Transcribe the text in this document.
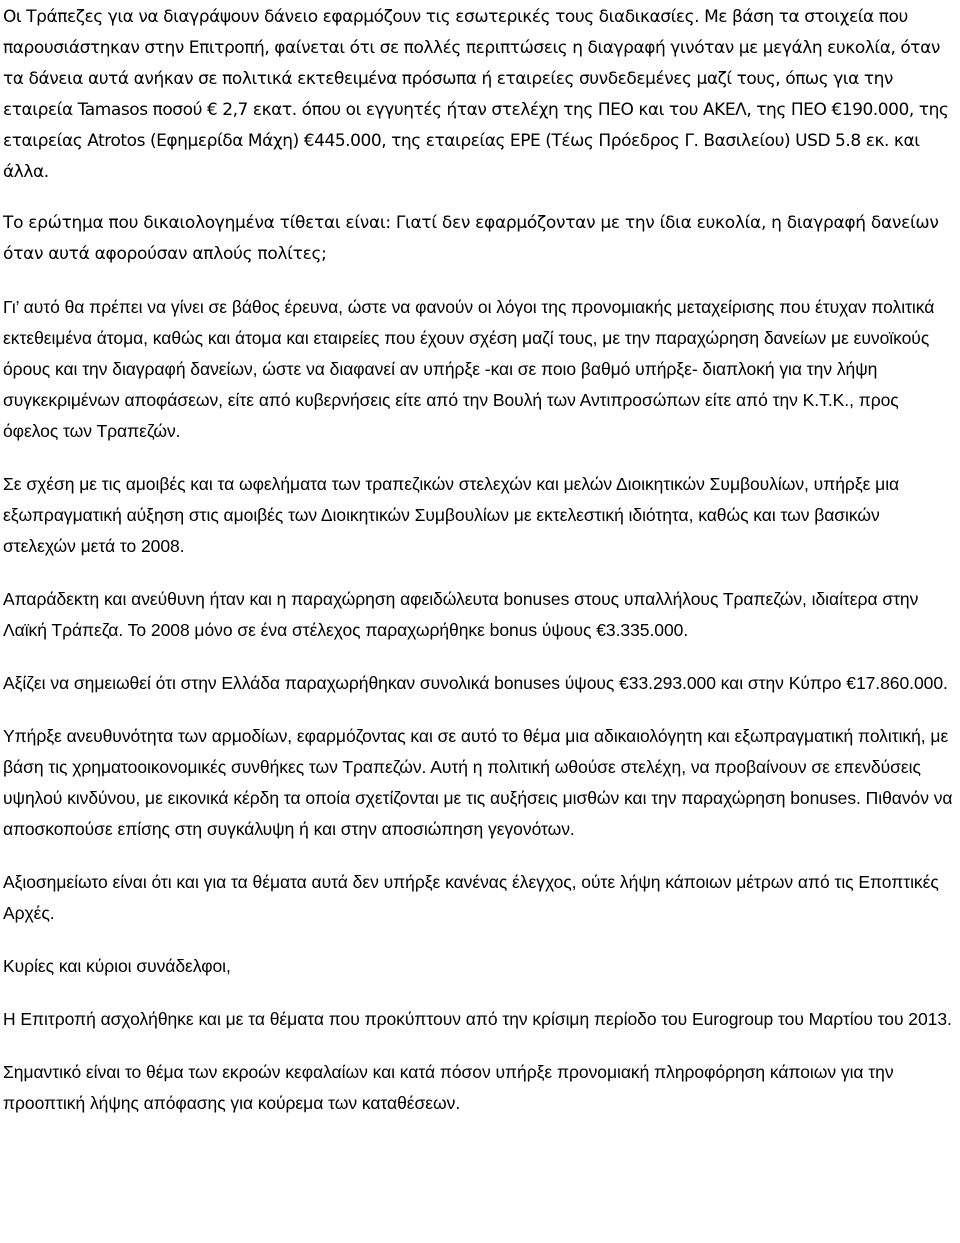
Οι Τράπεζες για να διαγράψουν δάνειο εφαρμόζουν τις εσωτερικές τους διαδικασίες. Με βάση τα στοιχεία που παρουσιάστηκαν στην Επιτροπή, φαίνεται ότι σε πολλές περιπτώσεις η διαγραφή γινόταν με μεγάλη ευκολία, όταν τα δάνεια αυτά ανήκαν σε πολιτικά εκτεθειμένα πρόσωπα ή εταιρείες συνδεδεμένες μαζί τους, όπως για την εταιρεία Tamasos ποσού € 2,7 εκατ. όπου οι εγγυητές ήταν στελέχη της ΠΕΟ και του ΑΚΕΛ, της ΠΕΟ €190.000, της εταιρείας Atrotos (Εφημερίδα Μάχη) €445.000, της εταιρείας ΕΡΕ (Τέως Πρόεδρος Γ. Βασιλείου) USD 5.8 εκ. και άλλα.

Το ερώτημα που δικαιολογημένα τίθεται είναι: Γιατί δεν εφαρμόζονταν με την ίδια ευκολία, η διαγραφή δανείων όταν αυτά αφορούσαν απλούς πολίτες;

Γι’ αυτό θα πρέπει να γίνει σε βάθος έρευνα, ώστε να φανούν οι λόγοι της προνομιακής μεταχείρισης που έτυχαν πολιτικά εκτεθειμένα άτομα, καθώς και άτομα και εταιρείες που έχουν σχέση μαζί τους, με την παραχώρηση δανείων με ευνοϊκούς όρους και την διαγραφή δανείων, ώστε να διαφανεί αν υπήρξε -και σε ποιο βαθμό υπήρξε- διαπλοκή για την λήψη συγκεκριμένων αποφάσεων, είτε από κυβερνήσεις είτε από την Βουλή των Αντιπροσώπων είτε από την Κ.Τ.Κ., προς όφελος των Τραπεζών.

Σε σχέση με τις αμοιβές και τα ωφελήματα των τραπεζικών στελεχών και μελών Διοικητικών Συμβουλίων, υπήρξε μια εξωπραγματική αύξηση στις αμοιβές των Διοικητικών Συμβουλίων με εκτελεστική ιδιότητα, καθώς και των βασικών στελεχών μετά το 2008.

Απαράδεκτη και ανεύθυνη ήταν και η παραχώρηση αφειδώλευτα bonuses στους υπαλλήλους Τραπεζών, ιδιαίτερα στην Λαϊκή Τράπεζα. Το 2008 μόνο σε ένα στέλεχος παραχωρήθηκε bonus ύψους €3.335.000.

Αξίζει να σημειωθεί ότι στην Ελλάδα παραχωρήθηκαν συνολικά bonuses ύψους €33.293.000 και στην Κύπρο €17.860.000.

Υπήρξε ανευθυνότητα των αρμοδίων, εφαρμόζοντας και σε αυτό το θέμα μια αδικαιολόγητη και εξωπραγματική πολιτική, με βάση τις χρηματοοικονομικές συνθήκες των Τραπεζών. Αυτή η πολιτική ωθούσε στελέχη, να προβαίνουν σε επενδύσεις υψηλού κινδύνου, με εικονικά κέρδη τα οποία σχετίζονται με τις αυξήσεις μισθών και την παραχώρηση bonuses. Πιθανόν να αποσκοπούσε επίσης στη συγκάλυψη ή και στην αποσιώπηση γεγονότων.

Αξιοσημείωτο είναι ότι και για τα θέματα αυτά δεν υπήρξε κανένας έλεγχος, ούτε λήψη κάποιων μέτρων από τις Εποπτικές Αρχές.

Κυρίες και κύριοι συνάδελφοι,

Η Επιτροπή ασχολήθηκε και με τα θέματα που προκύπτουν από την κρίσιμη περίοδο του Eurogroup του Μαρτίου του 2013.

Σημαντικό είναι το θέμα των εκροών κεφαλαίων και κατά πόσον υπήρξε προνομιακή πληροφόρηση κάποιων για την προοπτική λήψης απόφασης για κούρεμα των καταθέσεων.
